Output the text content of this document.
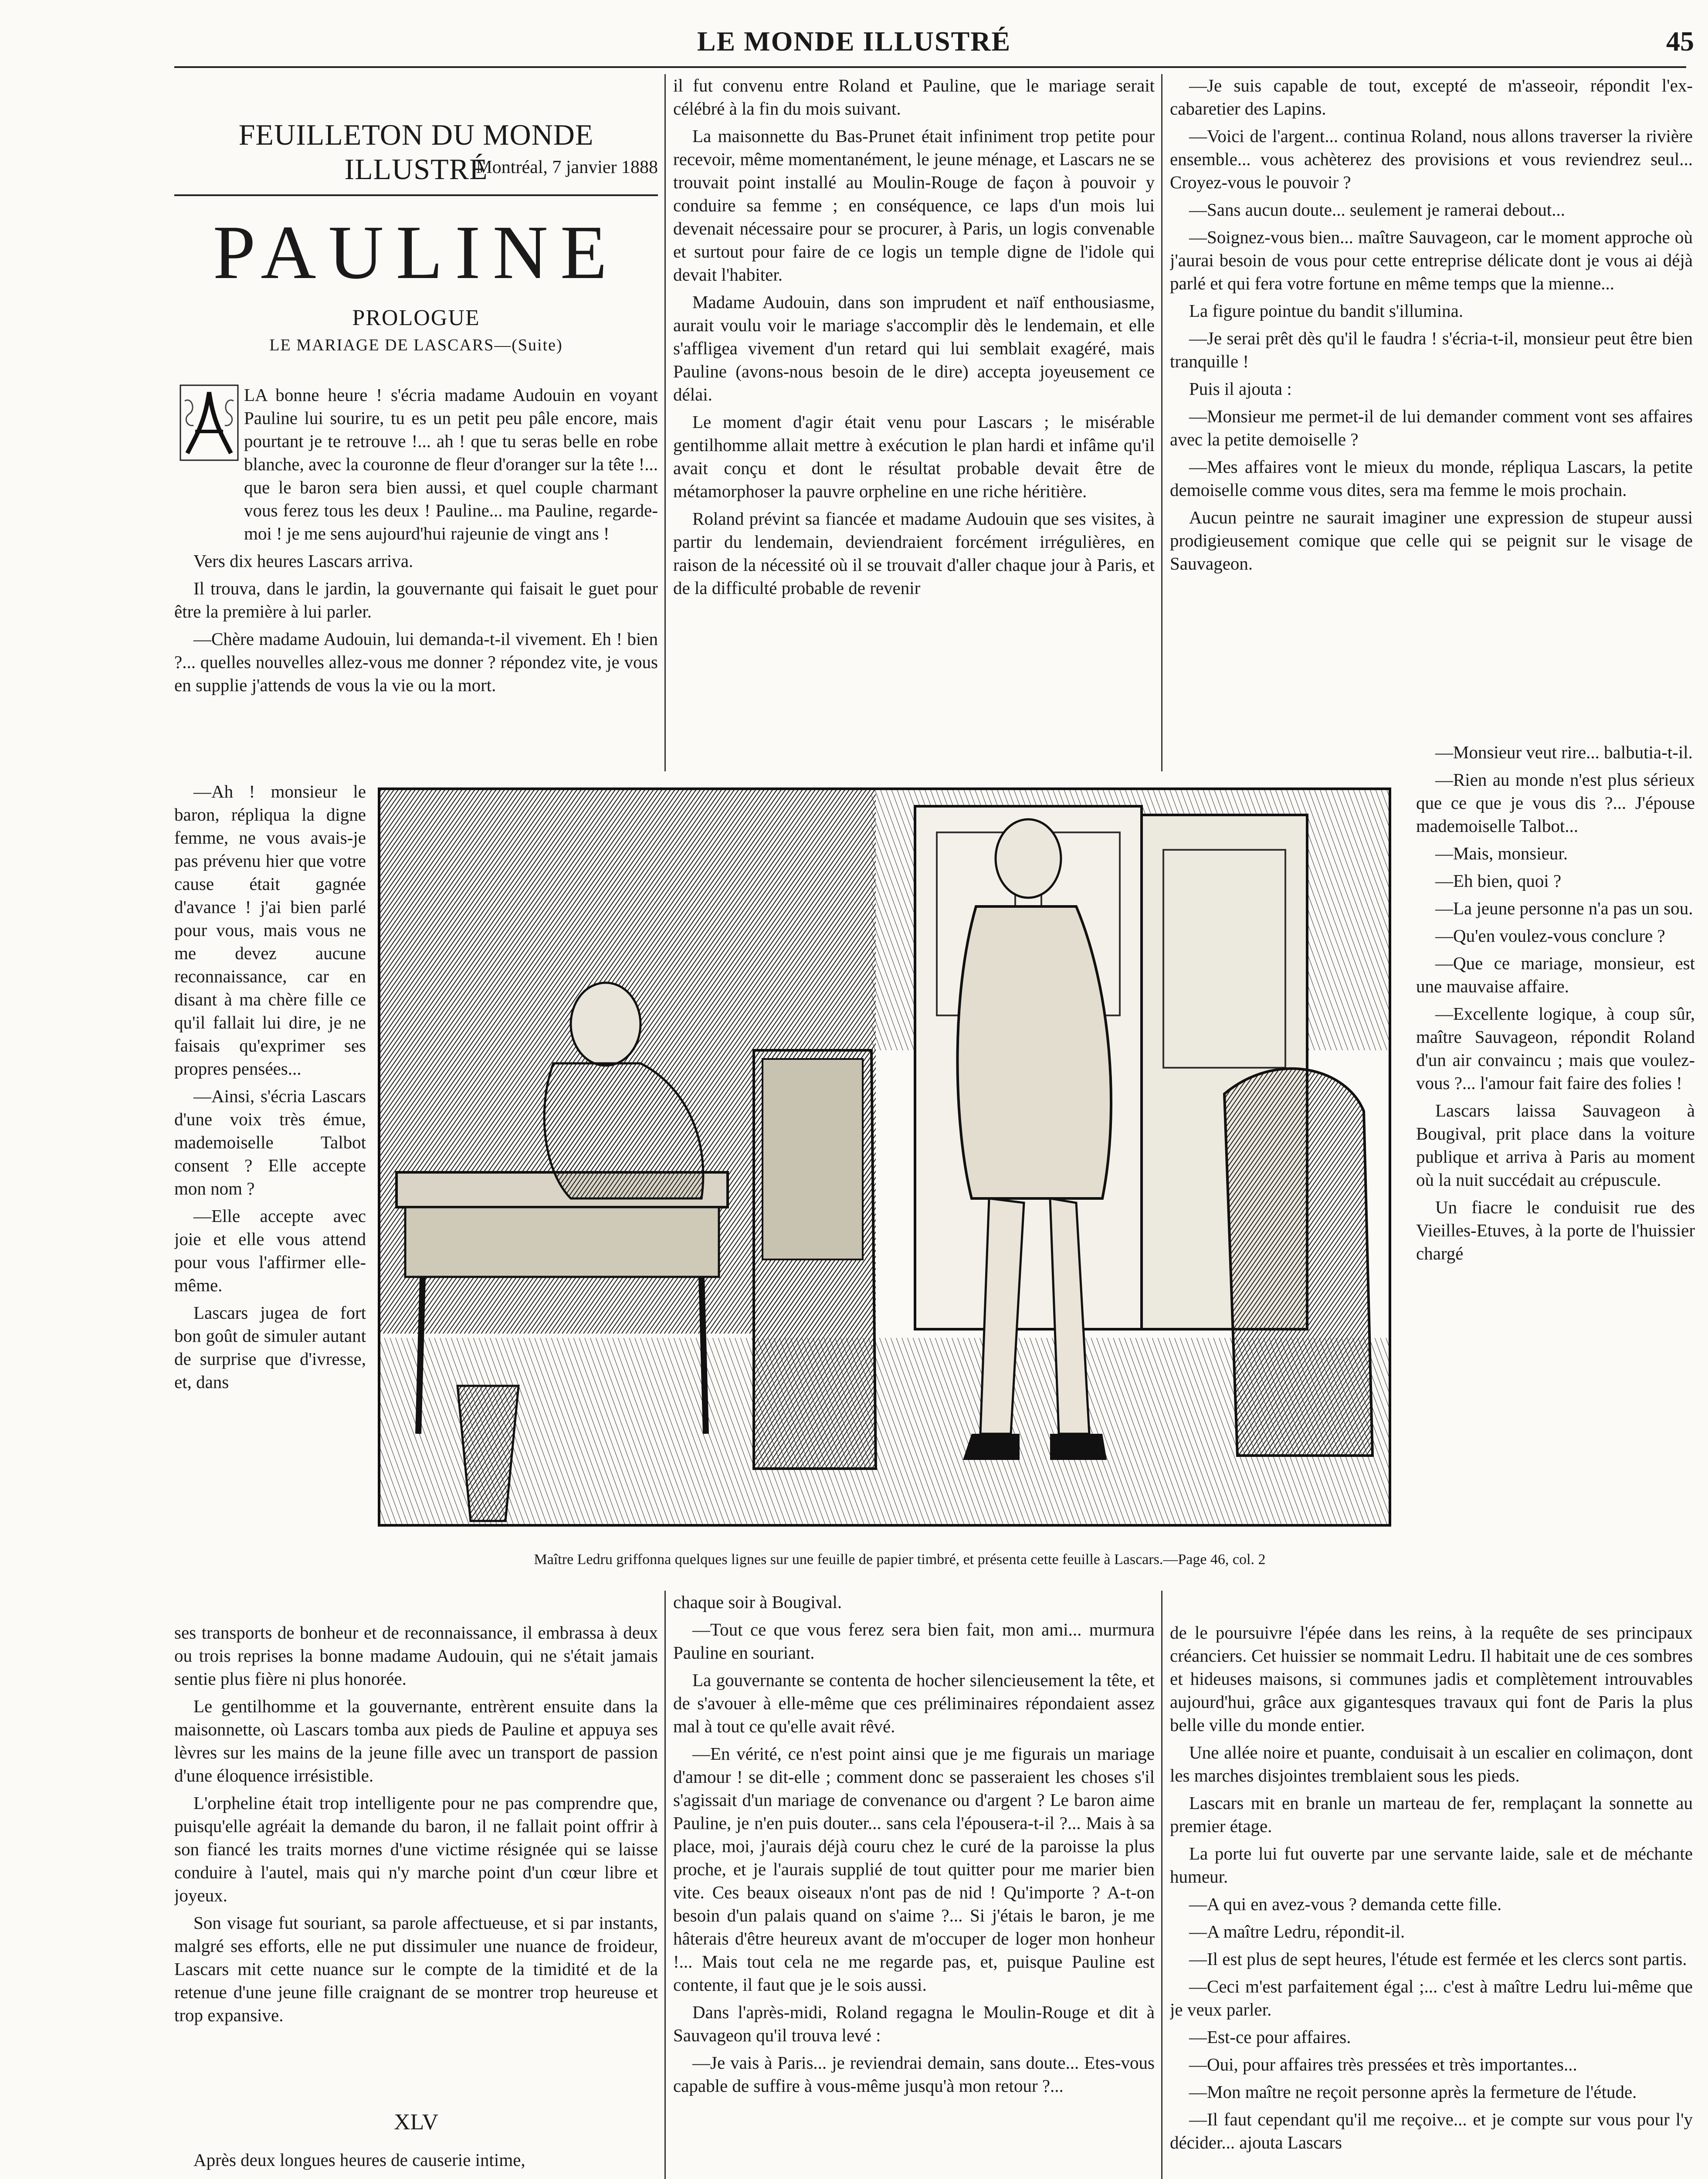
LE MONDE ILLUSTRÉ	45
FEUILLETON DU MONDE ILLUSTRÉ
Montréal, 7 janvier 1888
PAULINE
PROLOGUE
LE MARIAGE DE LASCARS—(Suite)

LA bonne heure ! s'écria madame Audouin en voyant Pauline lui sourire, tu es un petit peu pâle encore, mais pourtant je te retrouve !... ah ! que tu seras belle en robe blanche, avec la couronne de fleur d'oranger sur la tête !... que le baron sera bien aussi, et quel couple charmant vous ferez tous les deux ! Pauline... ma Pauline, regarde-moi ! je me sens aujourd'hui rajeunie de vingt ans !

Vers dix heures Lascars arriva.

Il trouva, dans le jardin, la gouvernante qui faisait le guet pour être la première à lui parler.

—Chère madame Audouin, lui demanda-t-il vivement. Eh ! bien ?... quelles nouvelles allez-vous me donner ? répondez vite, je vous en supplie j'attends de vous la vie ou la mort.

—Ah ! monsieur le baron, répliqua la digne femme, ne vous avais-je pas prévenu hier que votre cause était gagnée d'avance ! j'ai bien parlé pour vous, mais vous ne me devez aucune reconnaissance, car en disant à ma chère fille ce qu'il fallait lui dire, je ne faisais qu'exprimer ses propres pensées...

—Ainsi, s'écria Lascars d'une voix très émue, mademoiselle Talbot consent ? Elle accepte mon nom ?

—Elle accepte avec joie et elle vous attend pour vous l'affirmer elle-même.

Lascars jugea de fort bon goût de simuler autant de surprise que d'ivresse, et, dans

ses transports de bonheur et de reconnaissance, il embrassa à deux ou trois reprises la bonne madame Audouin, qui ne s'était jamais sentie plus fière ni plus honorée.

Le gentilhomme et la gouvernante, entrèrent ensuite dans la maisonnette, où Lascars tomba aux pieds de Pauline et appuya ses lèvres sur les mains de la jeune fille avec un transport de passion d'une éloquence irrésistible.

L'orpheline était trop intelligente pour ne pas comprendre que, puisqu'elle agréait la demande du baron, il ne fallait point offrir à son fiancé les traits mornes d'une victime résignée qui se laisse conduire à l'autel, mais qui n'y marche point d'un cœur libre et joyeux.

Son visage fut souriant, sa parole affectueuse, et si par instants, malgré ses efforts, elle ne put dissimuler une nuance de froideur, Lascars mit cette nuance sur le compte de la timidité et de la retenue d'une jeune fille craignant de se montrer trop heureuse et trop expansive.

XLV

Après deux longues heures de causerie intime,

il fut convenu entre Roland et Pauline, que le mariage serait célébré à la fin du mois suivant.

La maisonnette du Bas-Prunet était infiniment trop petite pour recevoir, même momentanément, le jeune ménage, et Lascars ne se trouvait point installé au Moulin-Rouge de façon à pouvoir y conduire sa femme ; en conséquence, ce laps d'un mois lui devenait nécessaire pour se procurer, à Paris, un logis convenable et surtout pour faire de ce logis un temple digne de l'idole qui devait l'habiter.

Madame Audouin, dans son imprudent et naïf enthousiasme, aurait voulu voir le mariage s'accomplir dès le lendemain, et elle s'affligea vivement d'un retard qui lui semblait exagéré, mais Pauline (avons-nous besoin de le dire) accepta joyeusement ce délai.

Le moment d'agir était venu pour Lascars ; le misérable gentilhomme allait mettre à exécution le plan hardi et infâme qu'il avait conçu et dont le résultat probable devait être de métamorphoser la pauvre orpheline en une riche héritière.

Roland prévint sa fiancée et madame Audouin que ses visites, à partir du lendemain, deviendraient forcément irrégulières, en raison de la nécessité où il se trouvait d'aller chaque jour à Paris, et de la difficulté probable de revenir

—Je suis capable de tout, excepté de m'asseoir, répondit l'ex-cabaretier des Lapins.

—Voici de l'argent... continua Roland, nous allons traverser la rivière ensemble... vous achèterez des provisions et vous reviendrez seul... Croyez-vous le pouvoir ?

—Sans aucun doute... seulement je ramerai debout...

—Soignez-vous bien... maître Sauvageon, car le moment approche où j'aurai besoin de vous pour cette entreprise délicate dont je vous ai déjà parlé et qui fera votre fortune en même temps que la mienne...

La figure pointue du bandit s'illumina.

—Je serai prêt dès qu'il le faudra ! s'écria-t-il, monsieur peut être bien tranquille !

Puis il ajouta :

—Monsieur me permet-il de lui demander comment vont ses affaires avec la petite demoiselle ?

—Mes affaires vont le mieux du monde, répliqua Lascars, la petite demoiselle comme vous dites, sera ma femme le mois prochain.

Aucun peintre ne saurait imaginer une expression de stupeur aussi prodigieusement comique que celle qui se peignit sur le visage de Sauvageon.

—Monsieur veut rire... balbutia-t-il.

—Rien au monde n'est plus sérieux que ce que je vous dis ?... J'épouse mademoiselle Talbot...

—Mais, monsieur.

—Eh bien, quoi ?

—La jeune personne n'a pas un sou.

—Qu'en voulez-vous conclure ?

—Que ce mariage, monsieur, est une mauvaise affaire.

—Excellente logique, à coup sûr, maître Sauvageon, répondit Roland d'un air convaincu ; mais que voulez-vous ?... l'amour fait faire des folies !

Lascars laissa Sauvageon à Bougival, prit place dans la voiture publique et arriva à Paris au moment où la nuit succédait au crépuscule.

Un fiacre le conduisit rue des Vieilles-Etuves, à la porte de l'huissier chargé

Maître Ledru griffonna quelques lignes sur une feuille de papier timbré, et présenta cette feuille à Lascars.—Page 46, col. 2

chaque soir à Bougival.

—Tout ce que vous ferez sera bien fait, mon ami... murmura Pauline en souriant.

La gouvernante se contenta de hocher silencieusement la tête, et de s'avouer à elle-même que ces préliminaires répondaient assez mal à tout ce qu'elle avait rêvé.

—En vérité, ce n'est point ainsi que je me figurais un mariage d'amour ! se dit-elle ; comment donc se passeraient les choses s'il s'agissait d'un mariage de convenance ou d'argent ? Le baron aime Pauline, je n'en puis douter... sans cela l'épousera-t-il ?... Mais à sa place, moi, j'aurais déjà couru chez le curé de la paroisse la plus proche, et je l'aurais supplié de tout quitter pour me marier bien vite. Ces beaux oiseaux n'ont pas de nid ! Qu'importe ? A-t-on besoin d'un palais quand on s'aime ?... Si j'étais le baron, je me hâterais d'être heureux avant de m'occuper de loger mon honheur !... Mais tout cela ne me regarde pas, et, puisque Pauline est contente, il faut que je le sois aussi.

Dans l'après-midi, Roland regagna le Moulin-Rouge et dit à Sauvageon qu'il trouva levé :

—Je vais à Paris... je reviendrai demain, sans doute... Etes-vous capable de suffire à vous-même jusqu'à mon retour ?...

de le poursuivre l'épée dans les reins, à la requête de ses principaux créanciers. Cet huissier se nommait Ledru. Il habitait une de ces sombres et hideuses maisons, si communes jadis et complètement introuvables aujourd'hui, grâce aux gigantesques travaux qui font de Paris la plus belle ville du monde entier.

Une allée noire et puante, conduisait à un escalier en colimaçon, dont les marches disjointes tremblaient sous les pieds.

Lascars mit en branle un marteau de fer, remplaçant la sonnette au premier étage.

La porte lui fut ouverte par une servante laide, sale et de méchante humeur.

—A qui en avez-vous ? demanda cette fille.

—A maître Ledru, répondit-il.

—Il est plus de sept heures, l'étude est fermée et les clercs sont partis.

—Ceci m'est parfaitement égal ;... c'est à maître Ledru lui-même que je veux parler.

—Est-ce pour affaires.

—Oui, pour affaires très pressées et très importantes...

—Mon maître ne reçoit personne après la fermeture de l'étude.

—Il faut cependant qu'il me reçoive... et je compte sur vous pour l'y décider... ajouta Lascars
